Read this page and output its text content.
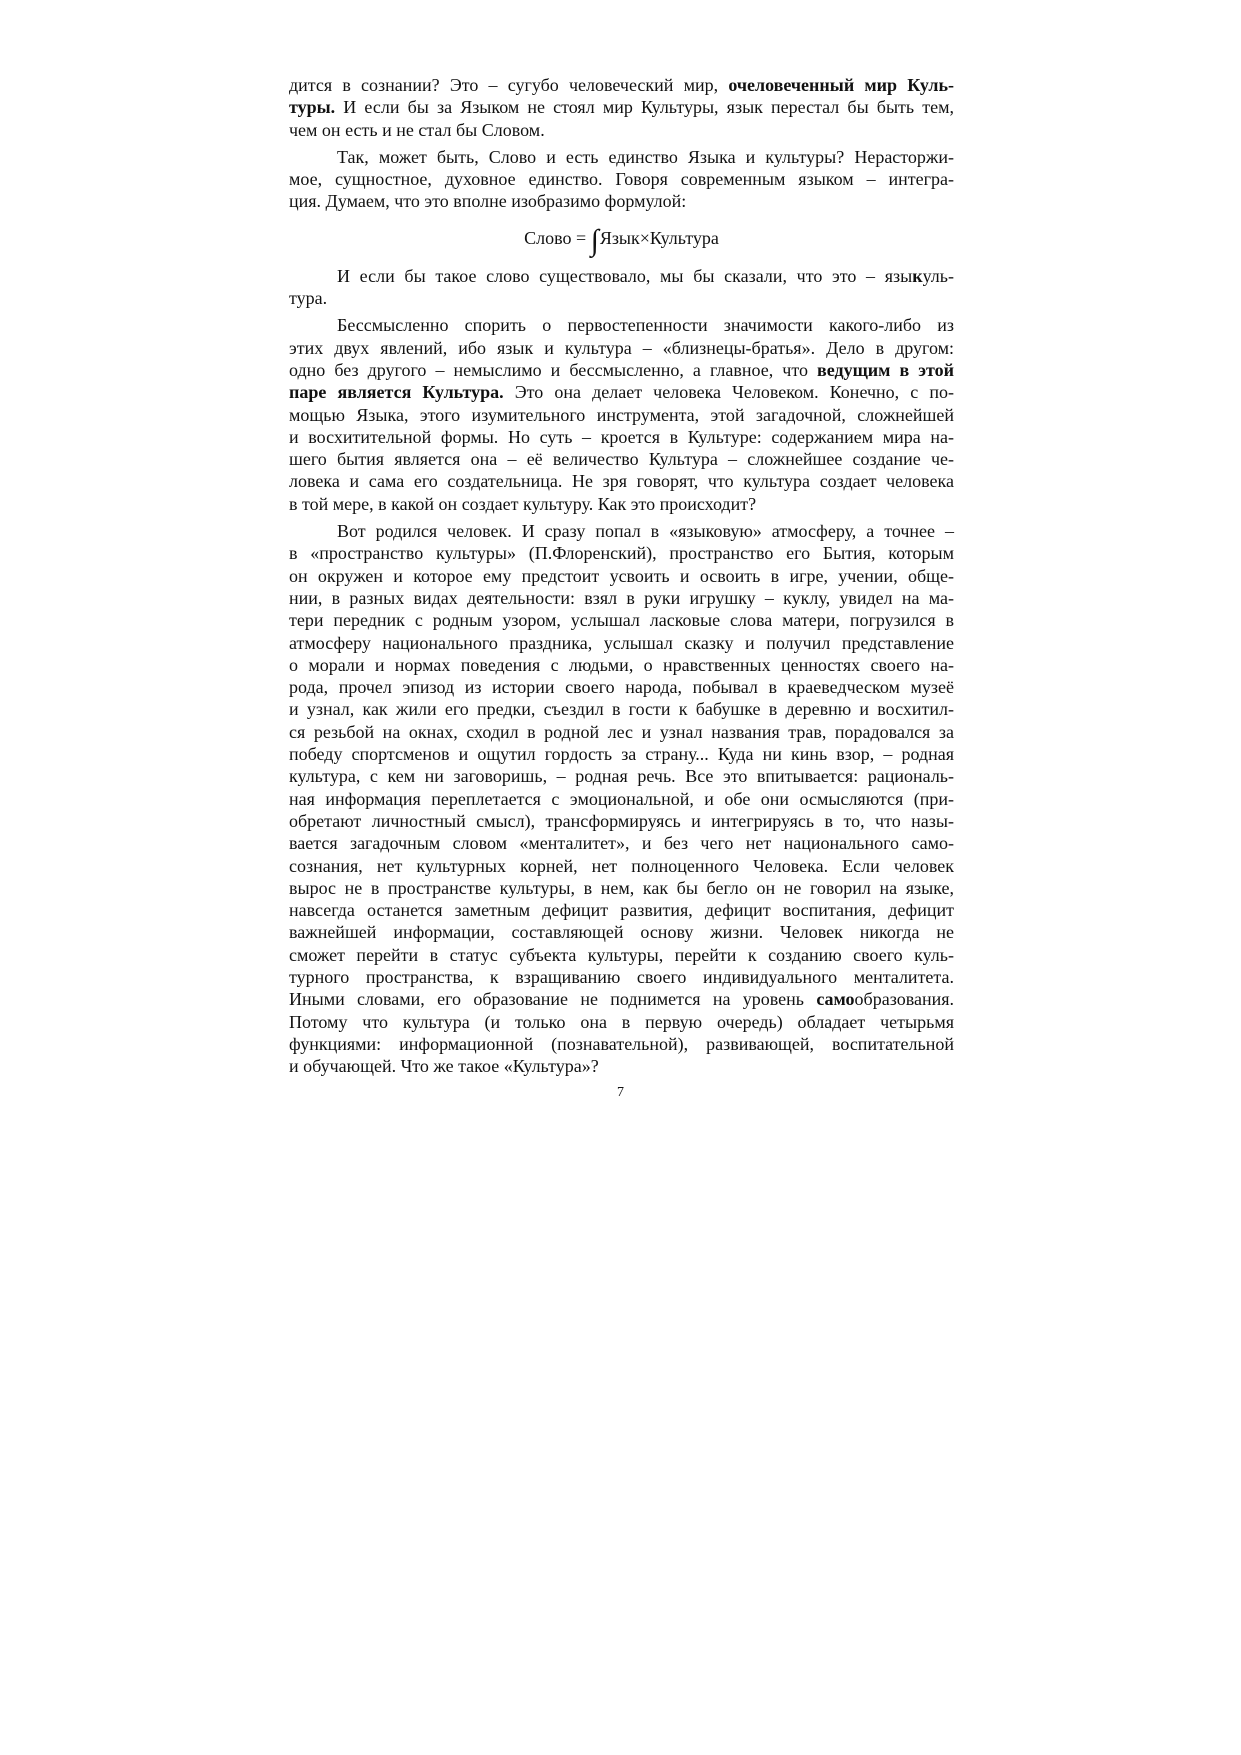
дится в сознании? Это – сугубо человеческий мир, очеловеченный мир Куль-
туры. И если бы за Языком не стоял мир Культуры, язык перестал бы быть тем,
чем он есть и не стал бы Словом.

Так, может быть, Слово и есть единство Языка и культуры? Нерасторжи-
мое, сущностное, духовное единство. Говоря современным языком – интегра-
ция. Думаем, что это вполне изобразимо формулой:

Слово = ∫Язык×Культура

И если бы такое слово существовало, мы бы сказали, что это – языкуль-
тура.

Бессмысленно спорить о первостепенности значимости какого-либо из
этих двух явлений, ибо язык и культура – «близнецы-братья». Дело в другом:
одно без другого – немыслимо и бессмысленно, а главное, что ведущим в этой
паре является Культура. Это она делает человека Человеком. Конечно, с по-
мощью Языка, этого изумительного инструмента, этой загадочной, сложнейшей
и восхитительной формы. Но суть – кроется в Культуре: содержанием мира на-
шего бытия является она – её величество Культура – сложнейшее создание че-
ловека и сама его создательница. Не зря говорят, что культура создает человека
в той мере, в какой он создает культуру. Как это происходит?

Вот родился человек. И сразу попал в «языковую» атмосферу, а точнее –
в «пространство культуры» (П.Флоренский), пространство его Бытия, которым
он окружен и которое ему предстоит усвоить и освоить в игре, учении, обще-
нии, в разных видах деятельности: взял в руки игрушку – куклу, увидел на ма-
тери передник с родным узором, услышал ласковые слова матери, погрузился в
атмосферу национального праздника, услышал сказку и получил представление
о морали и нормах поведения с людьми, о нравственных ценностях своего на-
рода, прочел эпизод из истории своего народа, побывал в краеведческом музеё
и узнал, как жили его предки, съездил в гости к бабушке в деревню и восхитил-
ся резьбой на окнах, сходил в родной лес и узнал названия трав, порадовался за
победу спортсменов и ощутил гордость за страну... Куда ни кинь взор, – родная
культура, с кем ни заговоришь, – родная речь. Все это впитывается: рациональ-
ная информация переплетается с эмоциональной, и обе они осмысляются (при-
обретают личностный смысл), трансформируясь и интегрируясь в то, что назы-
вается загадочным словом «менталитет», и без чего нет национального само-
сознания, нет культурных корней, нет полноценного Человека. Если человек
вырос не в пространстве культуры, в нем, как бы бегло он не говорил на языке,
навсегда останется заметным дефицит развития, дефицит воспитания, дефицит
важнейшей информации, составляющей основу жизни. Человек никогда не
сможет перейти в статус субъекта культуры, перейти к созданию своего куль-
турного пространства, к взращиванию своего индивидуального менталитета.
Иными словами, его образование не поднимется на уровень самообразования.
Потому что культура (и только она в первую очередь) обладает четырьмя
функциями: информационной (познавательной), развивающей, воспитательной
и обучающей. Что же такое «Культура»?

7
